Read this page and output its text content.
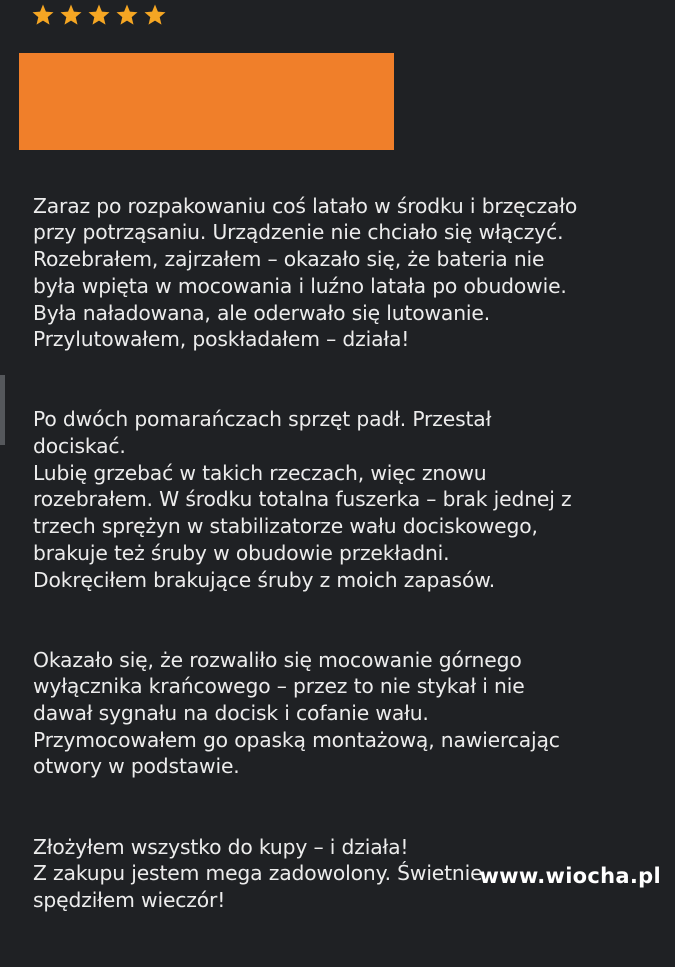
Zaraz po rozpakowaniu coś latało w środku i brzęczało
przy potrząsaniu. Urządzenie nie chciało się włączyć.
Rozebrałem, zajrzałem – okazało się, że bateria nie
była wpięta w mocowania i luźno latała po obudowie.
Była naładowana, ale oderwało się lutowanie.
Przylutowałem, poskładałem – działa!

Po dwóch pomarańczach sprzęt padł. Przestał
dociskać.
Lubię grzebać w takich rzeczach, więc znowu
rozebrałem. W środku totalna fuszerka – brak jednej z
trzech sprężyn w stabilizatorze wału dociskowego,
brakuje też śruby w obudowie przekładni.
Dokręciłem brakujące śruby z moich zapasów.

Okazało się, że rozwaliło się mocowanie górnego
wyłącznika krańcowego – przez to nie stykał i nie
dawał sygnału na docisk i cofanie wału.
Przymocowałem go opaską montażową, nawiercając
otwory w podstawie.

Złożyłem wszystko do kupy – i działa!
Z zakupu jestem mega zadowolony. Świetnie
spędziłem wieczór!

www.wiocha.pl
